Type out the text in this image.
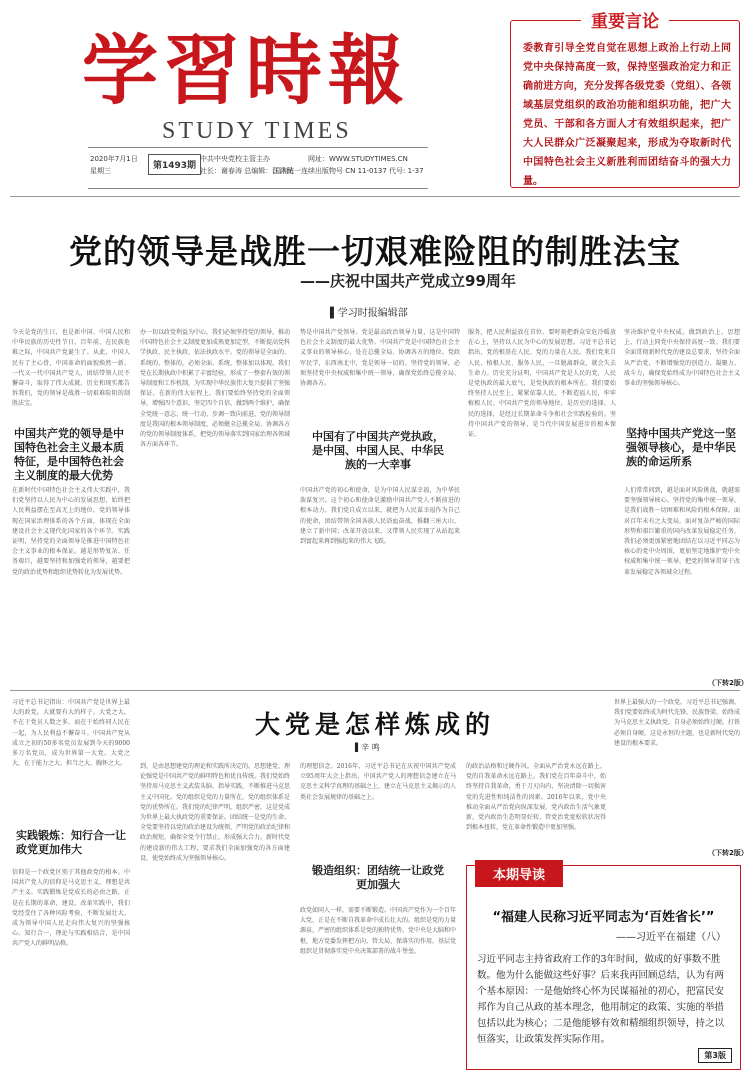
学習時報
STUDY TIMES
2020年7月1日
星期三	第1493期
中共中央党校主管主办
社长：谢春涛 总编辑：江泽民
网址：WWW.STUDYTIMES.CN
国内统一连续出版物号 CN 11-0137 代号: 1-37
重要言论
委教育引导全党自觉在思想上政治上行动上同党中央保持高度一致，保持坚强政治定力和正确前进方向，充分发挥各级党委（党组）、各领域基层党组织的政治功能和组织功能，把广大党员、干部和各方面人才有效组织起来，把广大人民群众广泛凝聚起来，形成为夺取新时代中国特色社会主义新胜利而团结奋斗的强大力量。
党的领导是战胜一切艰难险阻的制胜法宝
——庆祝中国共产党成立99周年
▌学习时报编辑部
今天是党的生日，也是新中国、中国人民和中华民族的历史性节日。百年前，在民族危难之际，中国共产党诞生了。从此，中国人民有了主心骨，中国革命的面貌焕然一新。一代又一代中国共产党人，团结带领人民不懈奋斗，取得了伟大成就。历史和现实都告诉我们，党的领导是战胜一切艰难险阻的制胜法宝。
中国共产党的领导是中国特色社会主义最本质特征，是中国特色社会主义制度的最大优势
在新时代中国特色社会主义伟大实践中，我们党坚持以人民为中心的发展思想，始终把人民利益摆在至高无上的地位。党的领导体现在国家治理体系的各个方面，体现在全面建设社会主义现代化国家的各个环节。实践证明，坚持党的全面领导是推进中国特色社会主义事业的根本保证。越是形势复杂、任务艰巨，越要坚持和加强党的领导，越要把党的政治优势和组织优势转化为发展优势。
办一切以政党利益为中心，我们必须坚持党的领导，推动中国特色社会主义制度更加成熟更加定型，不断提高党科学执政、民主执政、依法执政水平。党的领导是全面的、系统的、整体的，必须全面、系统、整体加以体现。我们党在长期执政中积累了丰富经验，形成了一整套有效的领导制度和工作机制，为实现中华民族伟大复兴提供了坚强保证。在新的伟大征程上，我们要始终坚持党的全面领导，增强四个意识、坚定四个自信、做到两个维护，确保全党统一意志、统一行动、步调一致向前进。党的领导制度是我国的根本领导制度，必须健全总揽全局、协调各方的党的领导制度体系，把党的领导落实到国家治理各领域各方面各环节。
势是中国共产党领导。党是最高政治领导力量，这是中国特色社会主义制度的最大优势。中国共产党是中国特色社会主义事业的领导核心，处在总揽全局、协调各方的地位。党政军民学，东西南北中，党是领导一切的。坚持党的领导，必须坚持党中央权威和集中统一领导，确保党始终总揽全局、协调各方。
中国有了中国共产党执政，是中国、中国人民、中华民族的一大幸事
中国共产党的初心和使命，是为中国人民谋幸福，为中华民族谋复兴。这个初心和使命是激励中国共产党人不断前进的根本动力。我们党自成立以来，就把为人民谋幸福作为自己的使命，团结带领全国各族人民浴血奋战，推翻三座大山，建立了新中国；改革开放以来，又带领人民实现了从站起来到富起来再到强起来的伟大飞跃。
服务，把人民利益放在首位。要时刻把群众安危冷暖放在心上，坚持以人民为中心的发展思想。习近平总书记指出，党的根基在人民、党的力量在人民。我们党来自人民、植根人民、服务人民，一旦脱离群众，就会失去生命力。历史充分证明，中国共产党是人民的党，人民是党执政的最大底气，是党执政的根本所在。我们要始终坚持人民至上，紧紧依靠人民，不断造福人民，牢牢植根人民。中国共产党的领导地位，是历史的选择、人民的选择，是经过长期革命斗争和社会实践检验的。坚持中国共产党的领导，是当代中国发展进步的根本保证。
坚决维护党中央权威，做到政治上、思想上、行动上同党中央保持高度一致。我们要全面贯彻新时代党的建设总要求，坚持全面从严治党，不断增强党的创造力、凝聚力、战斗力，确保党始终成为中国特色社会主义事业的坚强领导核心。
坚持中国共产党这一坚强领导核心，是中华民族的命运所系
人们常常问到，越是面对风险挑战，就越需要坚强领导核心。坚持党的集中统一领导，是我们战胜一切困难和风险的根本保障。面对百年未有之大变局，面对复杂严峻的国际形势和艰巨繁重的国内改革发展稳定任务，我们必须更加紧密地团结在以习近平同志为核心的党中央周围，更加坚定地维护党中央权威和集中统一领导，把党的领导贯穿于改革发展稳定各领域全过程。
（下转2版）
大党是怎样炼成的
▌辛 鸣
习近平总书记指出：中国共产党是世界上最大的政党。大就要有大的样子。大党之大，不在于党员人数之多，而在于始终同人民在一起，为人民利益不懈奋斗。中国共产党从成立之初的50多名党员发展到今天的9000多万名党员，成为世界第一大党。大党之大，在于能力之大、担当之大、胸怀之大。
实践锻炼：知行合一让政党更加伟大
信仰是一个政党区别于其他政党的根本。中国共产党人的信仰是马克思主义，理想是共产主义。实践锻炼是党成长的必由之路，正是在长期的革命、建设、改革实践中，我们党经受住了各种风险考验，不断发展壮大，成为领导中国人民走向伟大复兴的坚强核心。知行合一，理论与实践相结合，是中国共产党人的鲜明品格。
到，是由思想建党的理论和实践所决定的。思想建党、理论强党是中国共产党的鲜明特色和优良传统。我们党始终坚持用马克思主义武装头脑、指导实践，不断推进马克思主义中国化。党的组织是党的力量所在，党的组织体系是党的优势所在。我们党的纪律严明，组织严密，这是党成为世界上最大执政党的重要保证。团结统一是党的生命。全党要坚持以党的政治建设为统领，严明党的政治纪律和政治规矩，确保全党令行禁止，形成强大合力。新时代党的建设新的伟大工程，要求我们全面加强党的各方面建设，使党始终成为坚强领导核心。
的理想信念。2016年，习近平总书记在庆祝中国共产党成立95周年大会上指出，中国共产党人的理想信念建立在马克思主义科学真理的基础之上，建立在马克思主义揭示的人类社会发展规律的基础之上。
锻造组织：团结统一让政党更加强大
政党如同人一样，需要不断锻造。中国共产党作为一个百年大党，正是在不断自我革命中成长壮大的。组织是党的力量源泉，严密的组织体系是党的独特优势。党中央是大脑和中枢，地方党委发挥把方向、管大局、保落实的作用，基层党组织是贯彻落实党中央决策部署的战斗堡垒。
的政治品格和过硬作风。全面从严治党永远在路上，党的自我革命永远在路上。我们党在百年奋斗中，始终坚持自我革命，勇于刀刃向内，坚决清除一切损害党的先进性和纯洁性的因素。2016年以来，党中央推动全面从严治党向纵深发展，党内政治生活气象更新，党内政治生态明显好转，管党治党宽松软状况得到根本扭转，党在革命性锻造中更加坚强。
世界上最强大的一个政党。习近平总书记强调，我们党要始终成为时代先锋、民族脊梁，始终成为马克思主义执政党，自身必须始终过硬。打铁必须自身硬，这是永恒的主题，也是新时代党的建设的根本要求。
（下转2版）
本期导读
“福建人民称习近平同志为‘百姓省长’”
——习近平在福建（八）
习近平同志主持省政府工作的3年时间，做成的好事数不胜数。他为什么能做这些好事？后来我再回顾总结，认为有两个基本原因：一是他始终心怀为民谋福祉的初心，把富民安邦作为自己从政的基本理念，他用制定的政策、实施的举措包括以此为核心；二是他能够有效和精细组织领导，持之以恒落实，让政策发挥实际作用。
第3版
